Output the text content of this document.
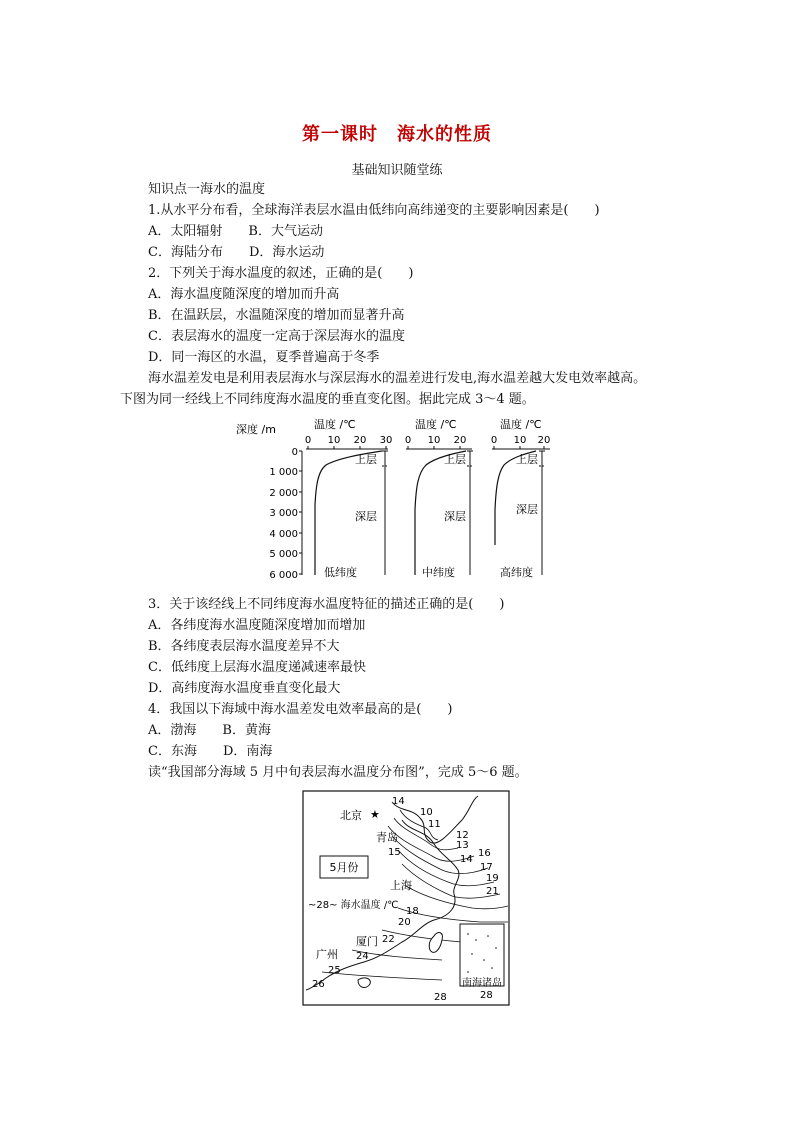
第一课时　海水的性质
基础知识随堂练
知识点一海水的温度
1.从水平分布看，全球海洋表层水温由低纬向高纬递变的主要影响因素是(　　)
A．太阳辐射　　B．大气运动
C．海陆分布　　D．海水运动
2．下列关于海水温度的叙述，正确的是(　　)
A．海水温度随深度的增加而升高
B．在温跃层，水温随深度的增加而显著升高
C．表层海水的温度一定高于深层海水的温度
D．同一海区的水温，夏季普遍高于冬季
海水温差发电是利用表层海水与深层海水的温差进行发电,海水温差越大发电效率越高。
下图为同一经线上不同纬度海水温度的垂直变化图。据此完成 3～4 题。
深度 /m	温度 /℃	温度 /℃	温度 /℃
0
1 000
2 000
3 000
4 000
5 000
6 000
0 10 20 30
上层
深层
低纬度
0 10 20
上层
深层
中纬度
0 10 20
上层
深层
高纬度
3．关于该经线上不同纬度海水温度特征的描述正确的是(　　)
A．各纬度海水温度随深度增加而增加
B．各纬度表层海水温度差异不大
C．低纬度上层海水温度递减速率最快
D．高纬度海水温度垂直变化最大
4．我国以下海域中海水温差发电效率最高的是(　　)
A．渤海　　B．黄海
C．东海　　D．南海
读“我国部分海域 5 月中旬表层海水温度分布图”，完成 5～6 题。
5月份
~28~ 海水温度 /℃
★
北京
青岛
上海
厦门
广州
南海诸岛
14
10
11
12
13
14
15	16
17
19
21
18
20
22
24
25
26
28
28
